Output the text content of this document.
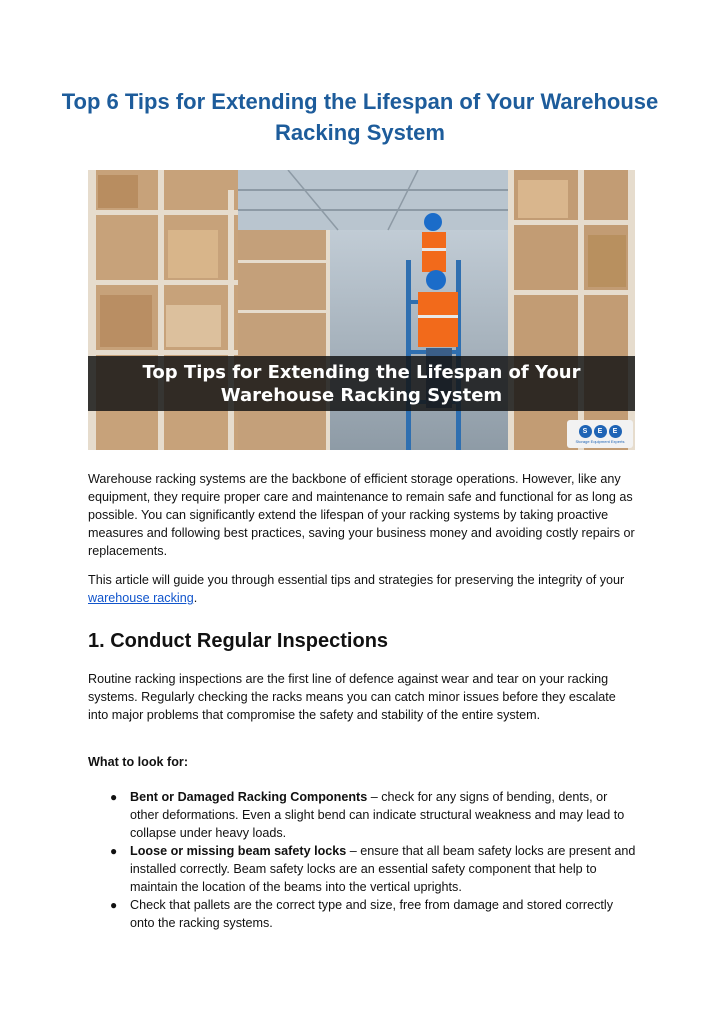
Top 6 Tips for Extending the Lifespan of Your Warehouse Racking System
Top Tips for Extending the Lifespan of Your
Warehouse Racking System
S	E	E
Storage Equipment Experts

Warehouse racking systems are the backbone of efficient storage operations. However, like any equipment, they require proper care and maintenance to remain safe and functional for as long as possible. You can significantly extend the lifespan of your racking systems by taking proactive measures and following best practices, saving your business money and avoiding costly repairs or replacements.

This article will guide you through essential tips and strategies for preserving the integrity of your warehouse racking.

1. Conduct Regular Inspections

Routine racking inspections are the first line of defence against wear and tear on your racking systems. Regularly checking the racks means you can catch minor issues before they escalate into major problems that compromise the safety and stability of the entire system.

What to look for:

● Bent or Damaged Racking Components – check for any signs of bending, dents, or other deformations. Even a slight bend can indicate structural weakness and may lead to collapse under heavy loads.
● Loose or missing beam safety locks – ensure that all beam safety locks are present and installed correctly. Beam safety locks are an essential safety component that help to maintain the location of the beams into the vertical uprights.
● Check that pallets are the correct type and size, free from damage and stored correctly onto the racking systems.
